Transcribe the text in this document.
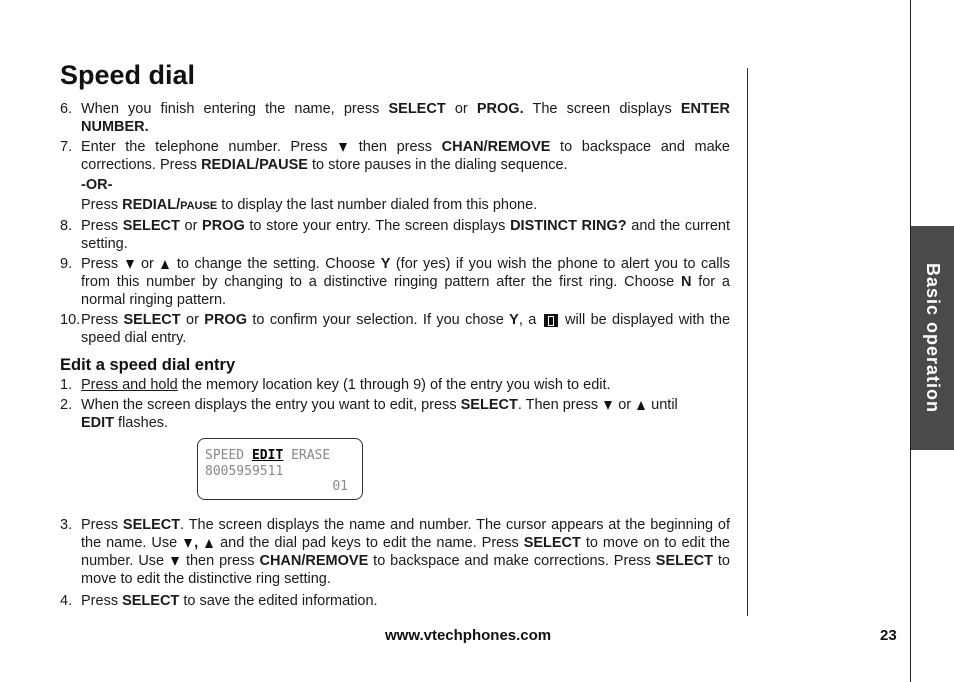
Basic operation
Speed dial
6. When you finish entering the name, press SELECT or PROG. The screen displays ENTER NUMBER.
7. Enter the telephone number. Press  then press CHAN/REMOVE to backspace and make corrections. Press REDIAL/PAUSE to store pauses in the dialing sequence.
-OR-
Press REDIAL/PAUSE to display the last number dialed from this phone.
8. Press SELECT or PROG to store your entry. The screen displays DISTINCT RING? and the current setting.
9. Press  or  to change the setting. Choose Y (for yes) if you wish the phone to alert you to calls from this number by changing to a distinctive ringing pattern after the first ring. Choose N for a normal ringing pattern.
10. Press SELECT or PROG to confirm your selection. If you chose Y, a  will be displayed with the speed dial entry.
Edit a speed dial entry
1. Press and hold the memory location key (1 through 9) of the entry you wish to edit.
2. When the screen displays the entry you want to edit, press SELECT. Then press  or  until
EDIT flashes.
SPEED EDIT ERASE
8005959511
01
3. Press SELECT. The screen displays the name and number. The cursor appears at the beginning of the name. Use ,  and the dial pad keys to edit the name. Press SELECT to move on to edit the number. Use  then press CHAN/REMOVE to backspace and make corrections. Press SELECT to move to edit the distinctive ring setting.
4. Press SELECT to save the edited information.
www.vtechphones.com	23
